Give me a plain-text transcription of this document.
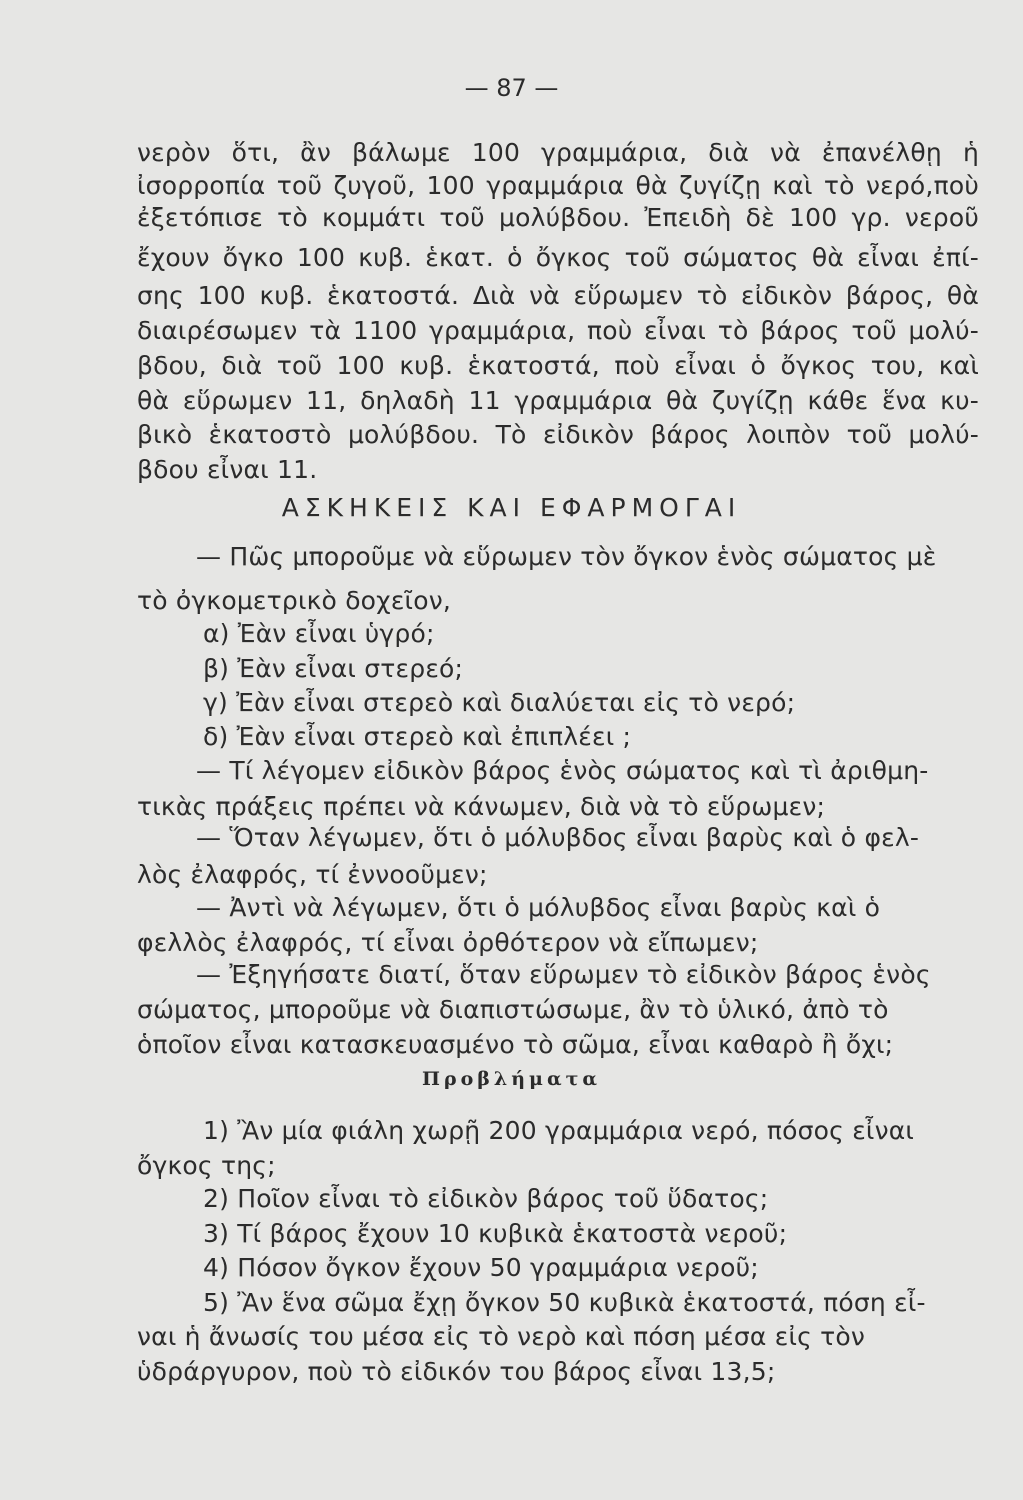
— 87 —
νερὸν ὅτι, ἂν βάλωμε 100 γραμμάρια, διὰ νὰ ἐπανέλθῃ ἡ
ἰσορροπία τοῦ ζυγοῦ, 100 γραμμάρια θὰ ζυγίζῃ καὶ τὸ νερό,ποὺ
ἐξετόπισε τὸ κομμάτι τοῦ μολύβδου. Ἐπειδὴ δὲ 100 γρ. νεροῦ
ἔχουν ὄγκο 100 κυβ. ἑκατ. ὁ ὄγκος τοῦ σώματος θὰ εἶναι ἐπί-
σης 100 κυβ. ἑκατοστά. Διὰ νὰ εὕρωμεν τὸ εἰδικὸν βάρος, θὰ
διαιρέσωμεν τὰ 1100 γραμμάρια, ποὺ εἶναι τὸ βάρος τοῦ μολύ-
βδου, διὰ τοῦ 100 κυβ. ἑκατοστά, ποὺ εἶναι ὁ ὄγκος του, καὶ
θὰ εὕρωμεν 11, δηλαδὴ 11 γραμμάρια θὰ ζυγίζῃ κάθε ἕνα κυ-
βικὸ ἑκατοστὸ μολύβδου. Τὸ εἰδικὸν βάρος λοιπὸν τοῦ μολύ-
βδου εἶναι 11.
ΑΣΚΗΚΕΙΣ ΚΑΙ ΕΦΑΡΜΟΓΑΙ
— Πῶς μποροῦμε νὰ εὕρωμεν τὸν ὄγκον ἑνὸς σώματος μὲ
τὸ ὀγκομετρικὸ δοχεῖον,
α) Ἐὰν εἶναι ὑγρό;
β) Ἐὰν εἶναι στερεό;
γ) Ἐὰν εἶναι στερεὸ καὶ διαλύεται εἰς τὸ νερό;
δ) Ἐὰν εἶναι στερεὸ καὶ ἐπιπλέει ;
— Τί λέγομεν εἰδικὸν βάρος ἑνὸς σώματος καὶ τὶ ἀριθμη-
τικὰς πράξεις πρέπει νὰ κάνωμεν, διὰ νὰ τὸ εὕρωμεν;
— Ὅταν λέγωμεν, ὅτι ὁ μόλυβδος εἶναι βαρὺς καὶ ὁ φελ-
λὸς ἐλαφρός, τί ἐννοοῦμεν;
— Ἀντὶ νὰ λέγωμεν, ὅτι ὁ μόλυβδος εἶναι βαρὺς καὶ ὁ
φελλὸς ἐλαφρός, τί εἶναι ὀρθότερον νὰ εἴπωμεν;
— Ἐξηγήσατε διατί, ὅταν εὕρωμεν τὸ εἰδικὸν βάρος ἑνὸς
σώματος, μποροῦμε νὰ διαπιστώσωμε, ἂν τὸ ὑλικό, ἀπὸ τὸ
ὁποῖον εἶναι κατασκευασμένο τὸ σῶμα, εἶναι καθαρὸ ἢ ὄχι;
Προβλήματα
1) Ἂν μία φιάλη χωρῇ 200 γραμμάρια νερό, πόσος εἶναι
ὄγκος της;
2) Ποῖον εἶναι τὸ εἰδικὸν βάρος τοῦ ὕδατος;
3) Τί βάρος ἔχουν 10 κυβικὰ ἑκατοστὰ νεροῦ;
4) Πόσον ὄγκον ἔχουν 50 γραμμάρια νεροῦ;
5) Ἂν ἕνα σῶμα ἔχῃ ὄγκον 50 κυβικὰ ἑκατοστά, πόση εἶ-
ναι ἡ ἄνωσίς του μέσα εἰς τὸ νερὸ καὶ πόση μέσα εἰς τὸν
ὑδράργυρον, ποὺ τὸ εἰδικόν του βάρος εἶναι 13,5;
